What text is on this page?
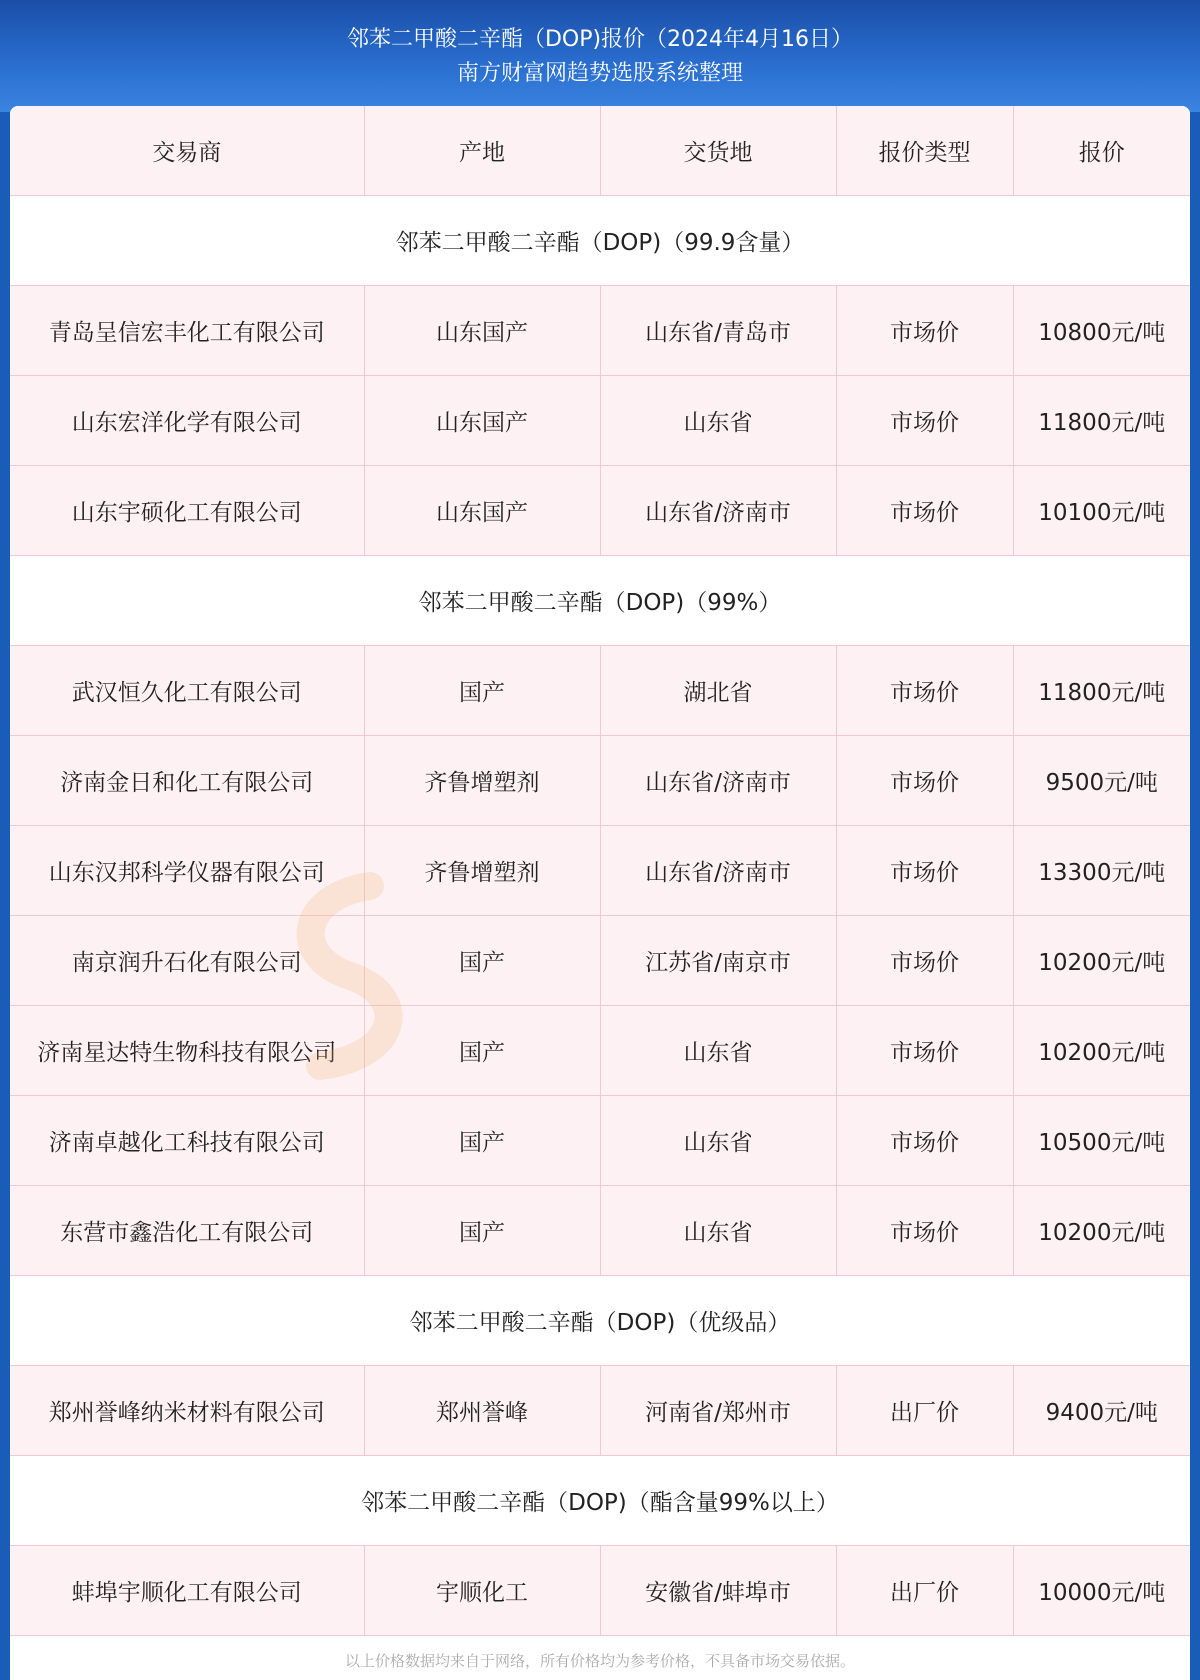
邻苯二甲酸二辛酯（DOP)报价（2024年4月16日）
南方财富网趋势选股系统整理
交易商	产地	交货地	报价类型	报价
邻苯二甲酸二辛酯（DOP)（99.9含量）				
青岛呈信宏丰化工有限公司	山东国产	山东省/青岛市	市场价	10800元/吨
山东宏洋化学有限公司	山东国产	山东省	市场价	11800元/吨
山东宇硕化工有限公司	山东国产	山东省/济南市	市场价	10100元/吨
邻苯二甲酸二辛酯（DOP)（99%）				
武汉恒久化工有限公司	国产	湖北省	市场价	11800元/吨
济南金日和化工有限公司	齐鲁增塑剂	山东省/济南市	市场价	9500元/吨
山东汉邦科学仪器有限公司	齐鲁增塑剂	山东省/济南市	市场价	13300元/吨
南京润升石化有限公司	国产	江苏省/南京市	市场价	10200元/吨
济南星达特生物科技有限公司	国产	山东省	市场价	10200元/吨
济南卓越化工科技有限公司	国产	山东省	市场价	10500元/吨
东营市鑫浩化工有限公司	国产	山东省	市场价	10200元/吨
邻苯二甲酸二辛酯（DOP)（优级品）				
郑州誉峰纳米材料有限公司	郑州誉峰	河南省/郑州市	出厂价	9400元/吨
邻苯二甲酸二辛酯（DOP)（酯含量99%以上）				
蚌埠宇顺化工有限公司	宇顺化工	安徽省/蚌埠市	出厂价	10000元/吨
以上价格数据均来自于网络，所有价格均为参考价格，不具备市场交易依据。
